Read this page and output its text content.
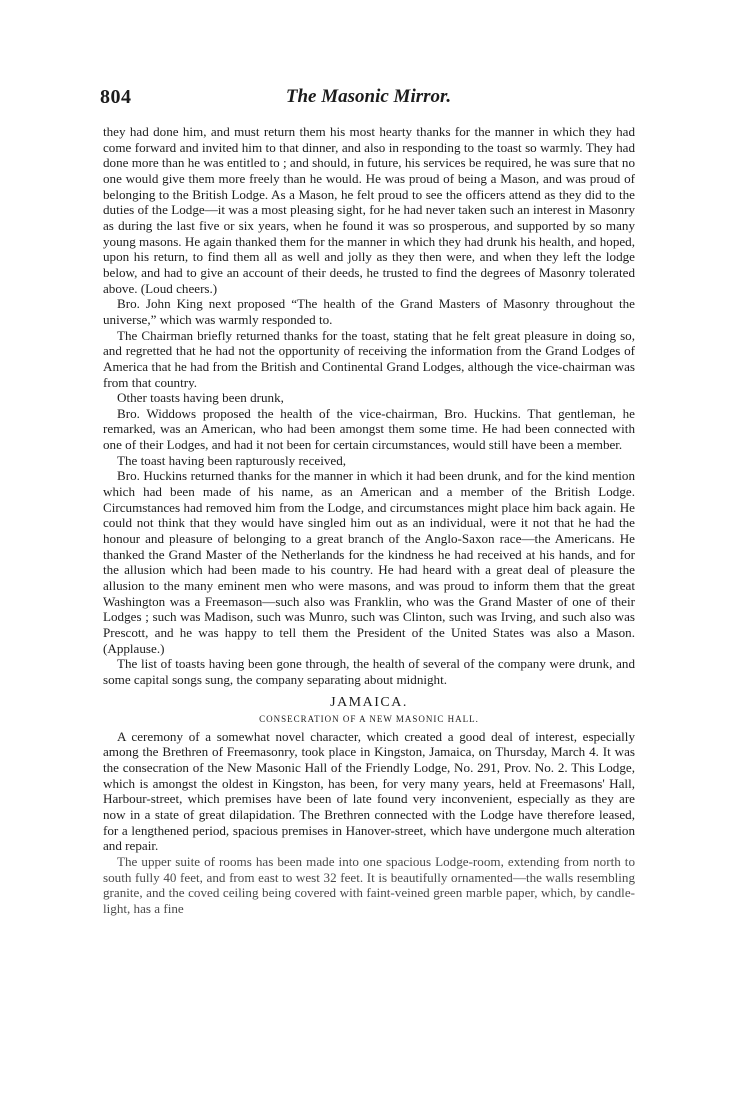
804	The Masonic Mirror.

they had done him, and must return them his most hearty thanks for the manner in which they had come forward and invited him to that dinner, and also in responding to the toast so warmly. They had done more than he was entitled to ; and should, in future, his services be required, he was sure that no one would give them more freely than he would. He was proud of being a Mason, and was proud of belonging to the British Lodge. As a Mason, he felt proud to see the officers attend as they did to the duties of the Lodge—it was a most pleasing sight, for he had never taken such an interest in Masonry as during the last five or six years, when he found it was so prosperous, and supported by so many young masons. He again thanked them for the manner in which they had drunk his health, and hoped, upon his return, to find them all as well and jolly as they then were, and when they left the lodge below, and had to give an account of their deeds, he trusted to find the degrees of Masonry tolerated above. (Loud cheers.)

Bro. John King next proposed “The health of the Grand Masters of Masonry throughout the universe,” which was warmly responded to.

The Chairman briefly returned thanks for the toast, stating that he felt great pleasure in doing so, and regretted that he had not the opportunity of receiving the information from the Grand Lodges of America that he had from the British and Continental Grand Lodges, although the vice-chairman was from that country.

Other toasts having been drunk,

Bro. Widdows proposed the health of the vice-chairman, Bro. Huckins. That gentleman, he remarked, was an American, who had been amongst them some time. He had been connected with one of their Lodges, and had it not been for certain circumstances, would still have been a member.

The toast having been rapturously received,

Bro. Huckins returned thanks for the manner in which it had been drunk, and for the kind mention which had been made of his name, as an American and a member of the British Lodge. Circumstances had removed him from the Lodge, and circumstances might place him back again. He could not think that they would have singled him out as an individual, were it not that he had the honour and pleasure of belonging to a great branch of the Anglo-Saxon race—the Americans. He thanked the Grand Master of the Netherlands for the kindness he had received at his hands, and for the allusion which had been made to his country. He had heard with a great deal of pleasure the allusion to the many eminent men who were masons, and was proud to inform them that the great Washington was a Freemason—such also was Franklin, who was the Grand Master of one of their Lodges ; such was Madison, such was Munro, such was Clinton, such was Irving, and such also was Prescott, and he was happy to tell them the President of the United States was also a Mason. (Applause.)

The list of toasts having been gone through, the health of several of the company were drunk, and some capital songs sung, the company separating about midnight.

JAMAICA.
CONSECRATION OF A NEW MASONIC HALL.

A ceremony of a somewhat novel character, which created a good deal of interest, especially among the Brethren of Freemasonry, took place in Kingston, Jamaica, on Thursday, March 4. It was the consecration of the New Masonic Hall of the Friendly Lodge, No. 291, Prov. No. 2. This Lodge, which is amongst the oldest in Kingston, has been, for very many years, held at Freemasons' Hall, Harbour-street, which premises have been of late found very inconvenient, especially as they are now in a state of great dilapidation. The Brethren connected with the Lodge have therefore leased, for a lengthened period, spacious premises in Hanover-street, which have undergone much alteration and repair.

The upper suite of rooms has been made into one spacious Lodge-room, extending from north to south fully 40 feet, and from east to west 32 feet. It is beautifully ornamented—the walls resembling granite, and the coved ceiling being covered with faint-veined green marble paper, which, by candle-light, has a fine
